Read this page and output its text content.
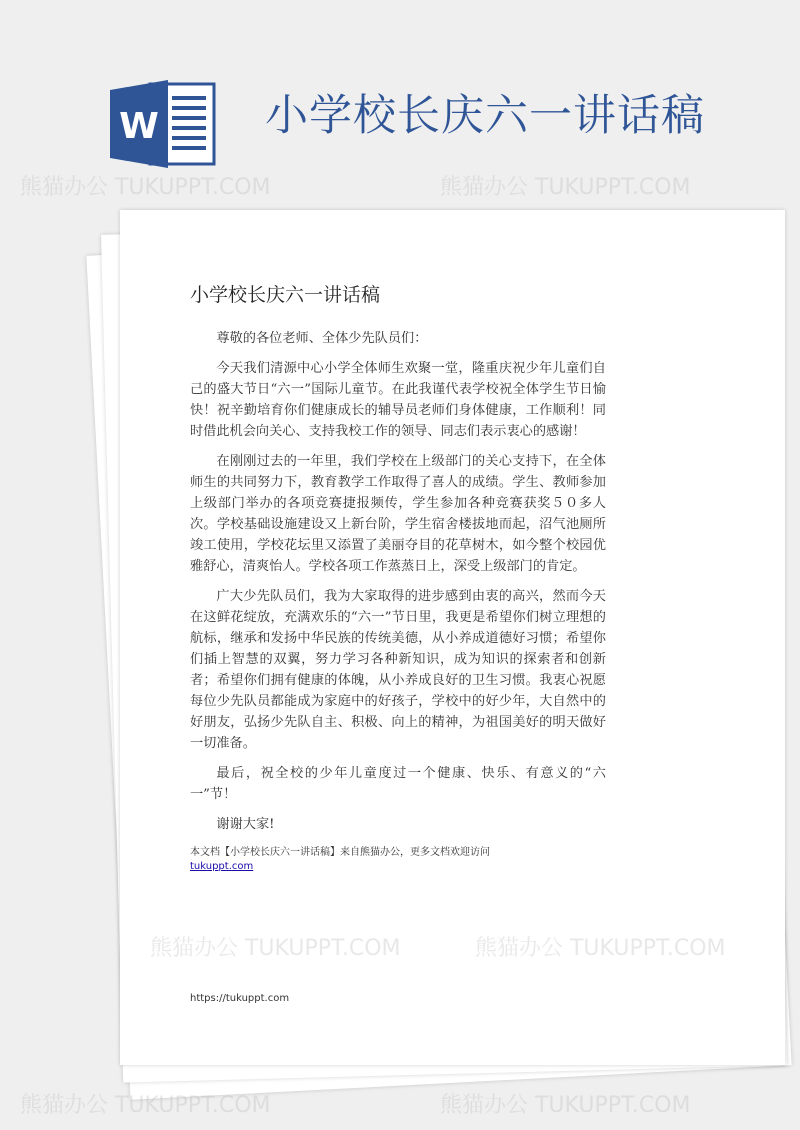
W 小学校长庆六一讲话稿
小学校长庆六一讲话稿

尊敬的各位老师、全体少先队员们：

今天我们清源中心小学全体师生欢聚一堂，隆重庆祝少年儿童们自己的盛大节日“六一”国际儿童节。在此我谨代表学校祝全体学生节日愉快！祝辛勤培育你们健康成长的辅导员老师们身体健康，工作顺利！同时借此机会向关心、支持我校工作的领导、同志们表示衷心的感谢！

在刚刚过去的一年里，我们学校在上级部门的关心支持下，在全体师生的共同努力下，教育教学工作取得了喜人的成绩。学生、教师参加上级部门举办的各项竞赛捷报频传，学生参加各种竞赛获奖５０多人次。学校基础设施建设又上新台阶，学生宿舍楼拔地而起，沼气池厕所竣工使用，学校花坛里又添置了美丽夺目的花草树木，如今整个校园优雅舒心，清爽怡人。学校各项工作蒸蒸日上，深受上级部门的肯定。

广大少先队员们，我为大家取得的进步感到由衷的高兴，然而今天在这鲜花绽放，充满欢乐的“六一”节日里，我更是希望你们树立理想的航标，继承和发扬中华民族的传统美德，从小养成道德好习惯；希望你们插上智慧的双翼，努力学习各种新知识，成为知识的探索者和创新者；希望你们拥有健康的体魄，从小养成良好的卫生习惯。我衷心祝愿每位少先队员都能成为家庭中的好孩子，学校中的好少年，大自然中的好朋友，弘扬少先队自主、积极、向上的精神，为祖国美好的明天做好一切准备。

最后，祝全校的少年儿童度过一个健康、快乐、有意义的“六一”节！

谢谢大家!

本文档【小学校长庆六一讲话稿】来自熊猫办公，更多文档欢迎访问
tukuppt.com
https://tukuppt.com
熊猫办公 TUKUPPT.COM	熊猫办公 TUKUPPT.COM
熊猫办公 TUKUPPT.COM	熊猫办公 TUKUPPT.COM
熊猫办公 TUKUPPT.COM	熊猫办公 TUKUPPT.COM
